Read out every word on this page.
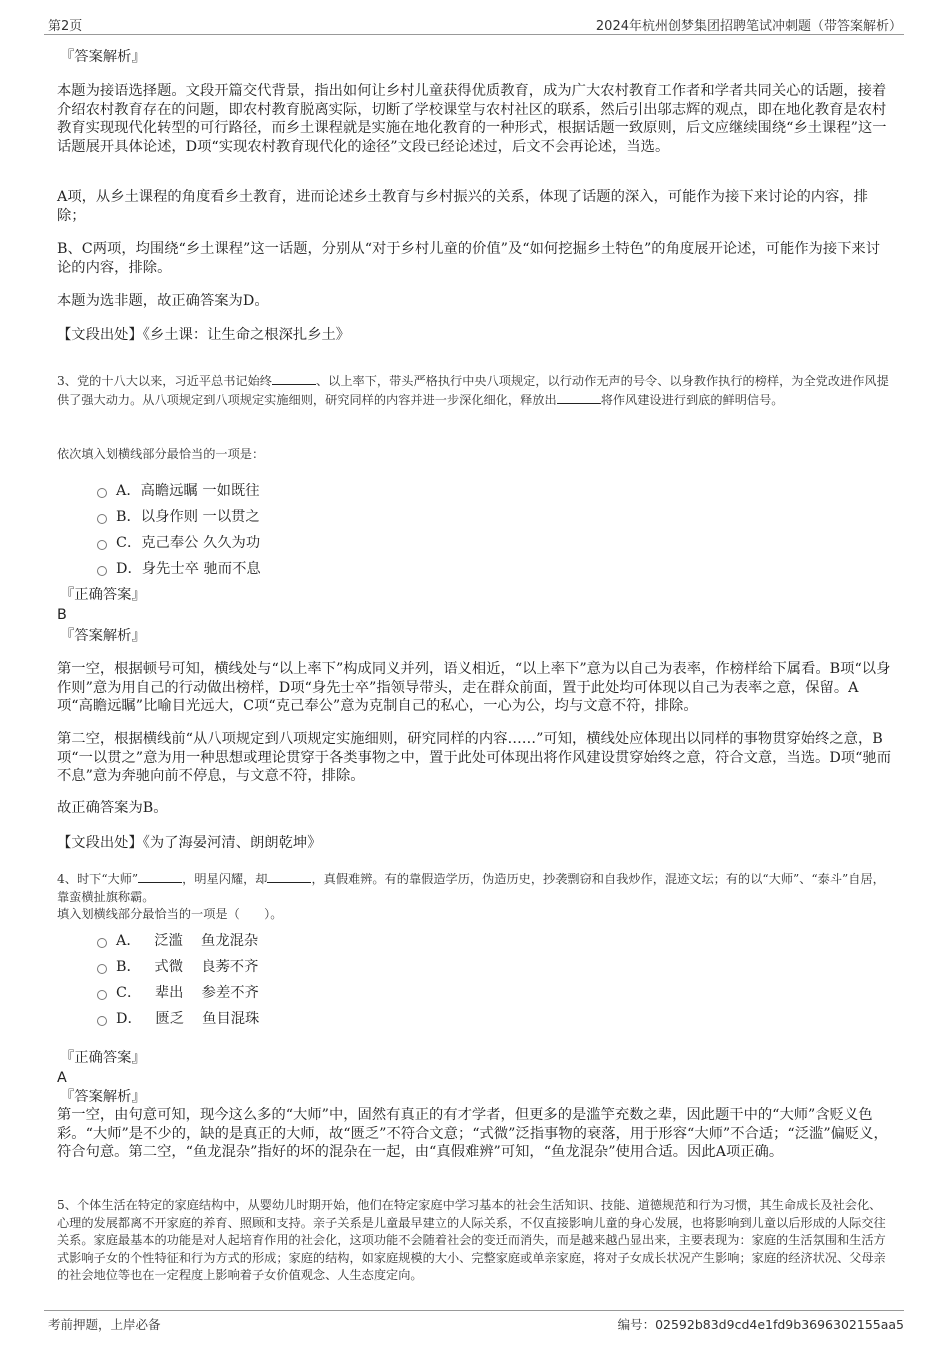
第2页	2024年杭州创梦集团招聘笔试冲刺题（带答案解析）
『答案解析』

本题为接语选择题。文段开篇交代背景，指出如何让乡村儿童获得优质教育，成为广大农村教育工作者和学者共同关心的话题，接着介绍农村教育存在的问题，即农村教育脱离实际，切断了学校课堂与农村社区的联系，然后引出邬志辉的观点，即在地化教育是农村教育实现现代化转型的可行路径，而乡土课程就是实施在地化教育的一种形式，根据话题一致原则，后文应继续围绕“乡土课程”这一话题展开具体论述，D项“实现农村教育现代化的途径”文段已经论述过，后文不会再论述，当选。

A项，从乡土课程的角度看乡土教育，进而论述乡土教育与乡村振兴的关系，体现了话题的深入，可能作为接下来讨论的内容，排除；

B、C两项，均围绕“乡土课程”这一话题，分别从“对于乡村儿童的价值”及“如何挖掘乡土特色”的角度展开论述，可能作为接下来讨论的内容，排除。

本题为选非题，故正确答案为D。

【文段出处】《乡土课：让生命之根深扎乡土》

3、党的十八大以来，习近平总书记始终	、以上率下，带头严格执行中央八项规定，以行动作无声的号令、以身教作执行的榜样，为全党改进作风提供了强大动力。从八项规定到八项规定实施细则，研究同样的内容并进一步深化细化，释放出	将作风建设进行到底的鲜明信号。

依次填入划横线部分最恰当的一项是：

A．高瞻远瞩 一如既往
B．以身作则 一以贯之
C．克己奉公 久久为功
D．身先士卒 驰而不息
『正确答案』
B
『答案解析』

第一空，根据顿号可知，横线处与“以上率下”构成同义并列，语义相近，“以上率下”意为以自己为表率，作榜样给下属看。B项“以身作则”意为用自己的行动做出榜样，D项“身先士卒”指领导带头，走在群众前面，置于此处均可体现以自己为表率之意，保留。A项“高瞻远瞩”比喻目光远大，C项“克己奉公”意为克制自己的私心，一心为公，均与文意不符，排除。

第二空，根据横线前“从八项规定到八项规定实施细则，研究同样的内容……”可知，横线处应体现出以同样的事物贯穿始终之意，B项“一以贯之”意为用一种思想或理论贯穿于各类事物之中，置于此处可体现出将作风建设贯穿始终之意，符合文意，当选。D项“驰而不息”意为奔驰向前不停息，与文意不符，排除。

故正确答案为B。

【文段出处】《为了海晏河清、朗朗乾坤》

4、时下“大师”	，明星闪耀，却	，真假难辨。有的靠假造学历，伪造历史，抄袭剽窃和自我炒作，混迹文坛；有的以“大师”、“泰斗”自居，靠蛮横扯旗称霸。

填入划横线部分最恰当的一项是（　　）。

A．   泛滥    鱼龙混杂
B．   式微    良莠不齐
C．   辈出    参差不齐
D．   匮乏    鱼目混珠
『正确答案』
A
『答案解析』

第一空，由句意可知，现今这么多的“大师”中，固然有真正的有才学者，但更多的是滥竽充数之辈，因此题干中的“大师”含贬义色彩。“大师”是不少的，缺的是真正的大师，故“匮乏”不符合文意；“式微”泛指事物的衰落，用于形容“大师”不合适；“泛滥”偏贬义，符合句意。第二空，“鱼龙混杂”指好的坏的混杂在一起，由“真假难辨”可知，“鱼龙混杂”使用合适。因此A项正确。

5、个体生活在特定的家庭结构中，从婴幼儿时期开始，他们在特定家庭中学习基本的社会生活知识、技能、道德规范和行为习惯，其生命成长及社会化、心理的发展都离不开家庭的养育、照顾和支持。亲子关系是儿童最早建立的人际关系，不仅直接影响儿童的身心发展，也将影响到儿童以后形成的人际交往关系。家庭最基本的功能是对人起培育作用的社会化，这项功能不会随着社会的变迁而消失，而是越来越凸显出来，主要表现为：家庭的生活氛围和生活方式影响子女的个性特征和行为方式的形成；家庭的结构，如家庭规模的大小、完整家庭或单亲家庭，将对子女成长状况产生影响；家庭的经济状况、父母亲的社会地位等也在一定程度上影响着子女价值观念、人生态度定向。

考前押题，上岸必备	编号：02592b83d9cd4e1fd9b3696302155aa5
